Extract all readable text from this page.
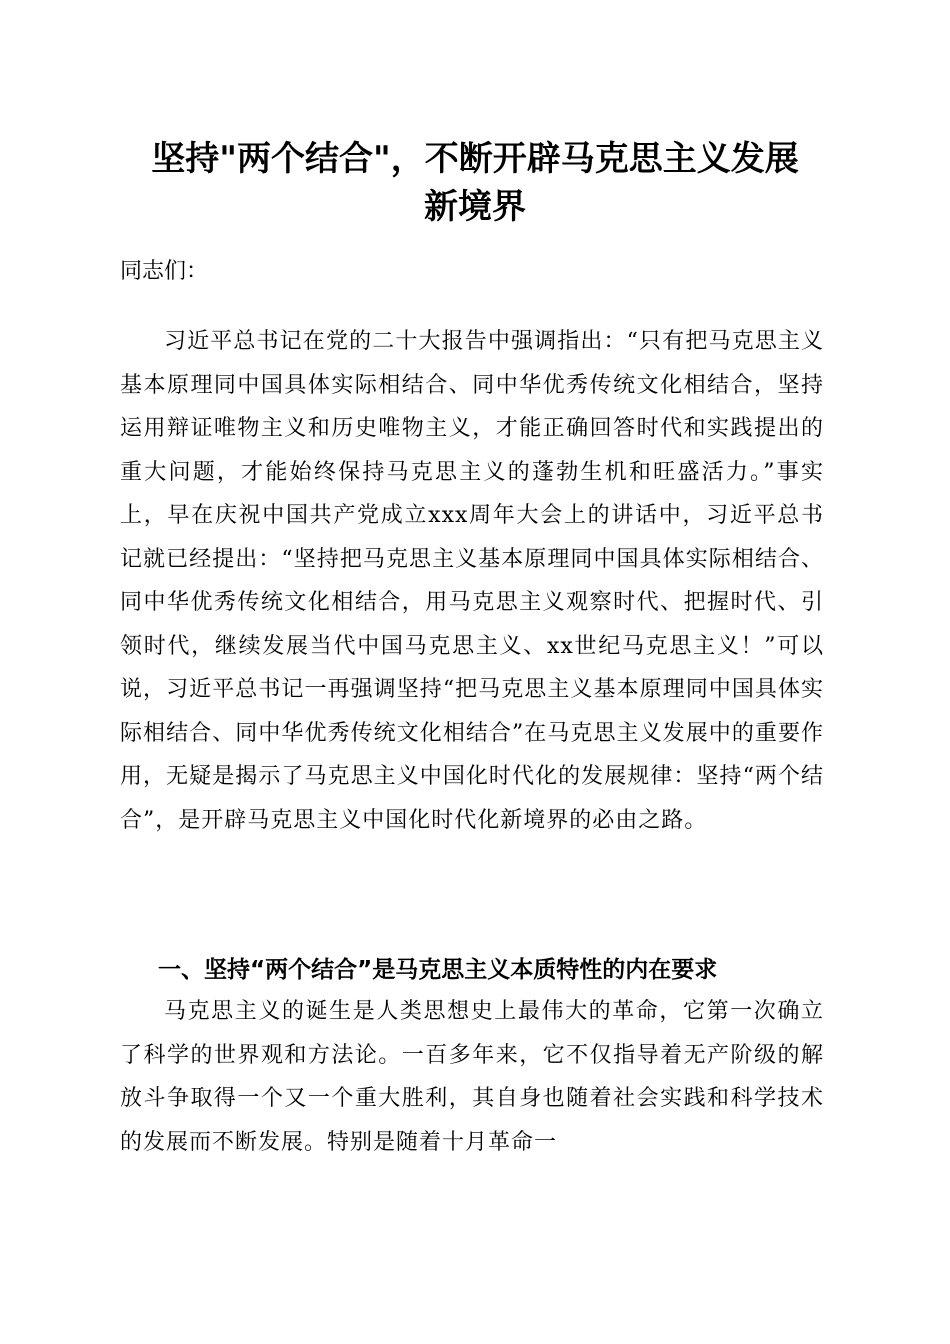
坚持"两个结合"，不断开辟马克思主义发展
新境界
同志们：

习近平总书记在党的二十大报告中强调指出：“只有把马克思主义基本原理同中国具体实际相结合、同中华优秀传统文化相结合，坚持运用辩证唯物主义和历史唯物主义，才能正确回答时代和实践提出的重大问题，才能始终保持马克思主义的蓬勃生机和旺盛活力。”事实上，早在庆祝中国共产党成立xxx周年大会上的讲话中，习近平总书记就已经提出：“坚持把马克思主义基本原理同中国具体实际相结合、同中华优秀传统文化相结合，用马克思主义观察时代、把握时代、引领时代，继续发展当代中国马克思主义、xx世纪马克思主义！”可以说，习近平总书记一再强调坚持“把马克思主义基本原理同中国具体实际相结合、同中华优秀传统文化相结合”在马克思主义发展中的重要作用，无疑是揭示了马克思主义中国化时代化的发展规律：坚持“两个结合”，是开辟马克思主义中国化时代化新境界的必由之路。

一、坚持“两个结合”是马克思主义本质特性的内在要求

马克思主义的诞生是人类思想史上最伟大的革命，它第一次确立了科学的世界观和方法论。一百多年来，它不仅指导着无产阶级的解放斗争取得一个又一个重大胜利，其自身也随着社会实践和科学技术的发展而不断发展。特别是随着十月革命一
